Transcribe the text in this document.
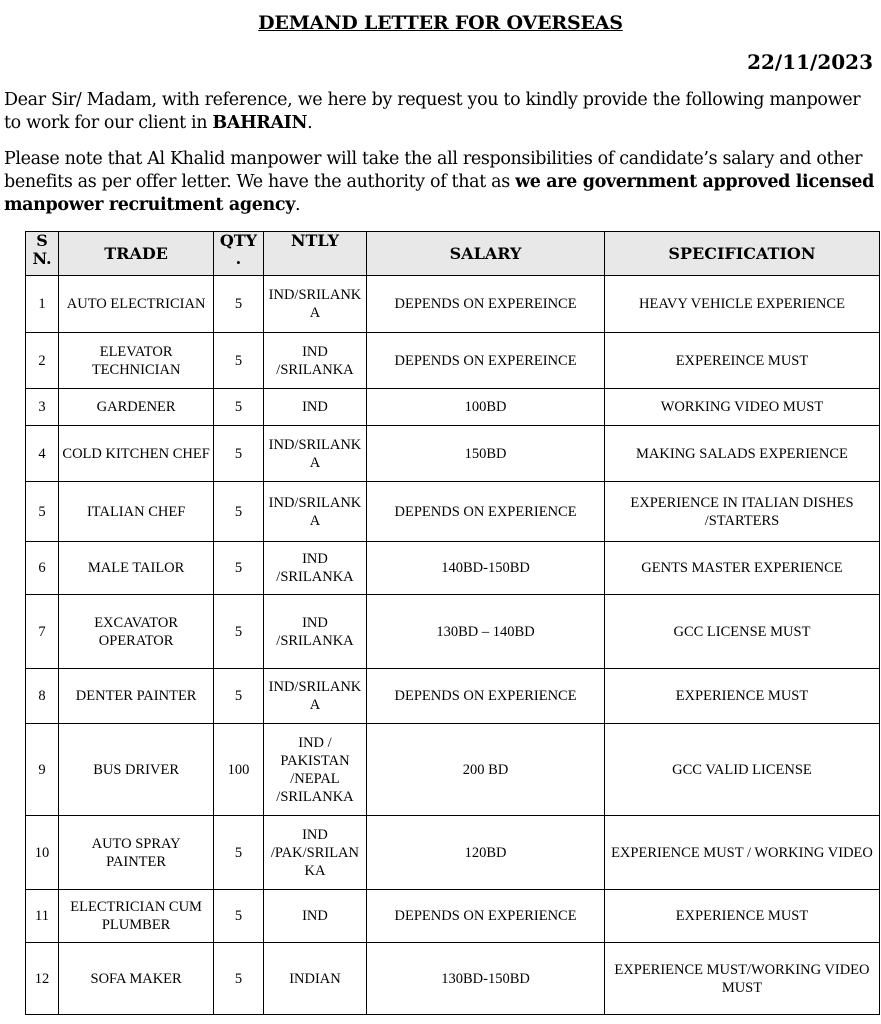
DEMAND LETTER FOR OVERSEAS
22/11/2023
Dear Sir/ Madam, with reference, we here by request you to kindly provide the following manpower to work for our client in BAHRAIN.
Please note that Al Khalid manpower will take the all responsibilities of candidate’s salary and other benefits as per offer letter. We have the authority of that as we are government approved licensed manpower recruitment agency.
S N.	TRADE	QTY .	NTLY	SALARY	SPECIFICATION
1	AUTO ELECTRICIAN	5	IND/SRILANKA	DEPENDS ON EXPEREINCE	HEAVY VEHICLE EXPERIENCE
2	ELEVATOR TECHNICIAN	5	IND /SRILANKA	DEPENDS ON EXPEREINCE	EXPEREINCE MUST
3	GARDENER	5	IND	100BD	WORKING VIDEO MUST
4	COLD KITCHEN CHEF	5	IND/SRILANKA	150BD	MAKING SALADS EXPERIENCE
5	ITALIAN CHEF	5	IND/SRILANKA	DEPENDS ON EXPERIENCE	EXPERIENCE IN ITALIAN DISHES /STARTERS
6	MALE TAILOR	5	IND /SRILANKA	140BD-150BD	GENTS MASTER EXPERIENCE
7	EXCAVATOR OPERATOR	5	IND /SRILANKA	130BD – 140BD	GCC LICENSE MUST
8	DENTER PAINTER	5	IND/SRILANKA	DEPENDS ON EXPERIENCE	EXPERIENCE MUST
9	BUS DRIVER	100	IND / PAKISTAN /NEPAL /SRILANKA	200 BD	GCC VALID LICENSE
10	AUTO SPRAY PAINTER	5	IND /PAK/SRILANKA	120BD	EXPERIENCE MUST / WORKING VIDEO
11	ELECTRICIAN CUM PLUMBER	5	IND	DEPENDS ON EXPERIENCE	EXPERIENCE MUST
12	SOFA MAKER	5	INDIAN	130BD-150BD	EXPERIENCE MUST/WORKING VIDEO MUST
